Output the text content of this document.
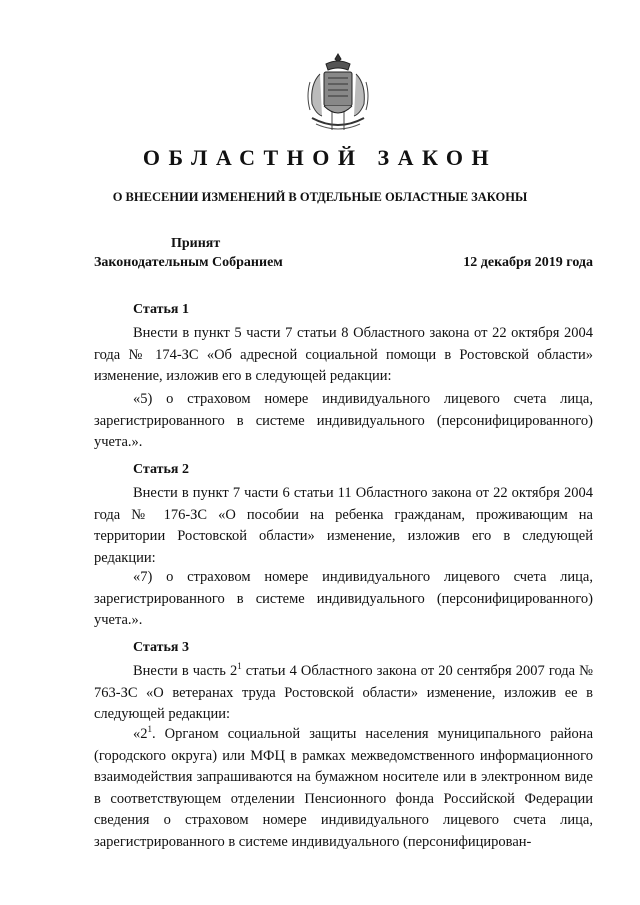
ОБЛАСТНОЙ ЗАКОН
О ВНЕСЕНИИ ИЗМЕНЕНИЙ В ОТДЕЛЬНЫЕ ОБЛАСТНЫЕ ЗАКОНЫ
Принят
Законодательным Собранием	12 декабря 2019 года
Статья 1

Внести в пункт 5 части 7 статьи 8 Областного закона от 22 октября 2004 года № 174-ЗС «Об адресной социальной помощи в Ростовской области» изменение, изложив его в следующей редакции:

«5) о страховом номере индивидуального лицевого счета лица, зарегистрированного в системе индивидуального (персонифицированного) учета.».

Статья 2

Внести в пункт 7 части 6 статьи 11 Областного закона от 22 октября 2004 года № 176-ЗС «О пособии на ребенка гражданам, проживающим на территории Ростовской области» изменение, изложив его в следующей редакции:

«7) о страховом номере индивидуального лицевого счета лица, зарегистрированного в системе индивидуального (персонифицированного) учета.».

Статья 3

Внести в часть $2^1$ статьи 4 Областного закона от 20 сентября 2007 года № 763-ЗС «О ветеранах труда Ростовской области» изменение, изложив ее в следующей редакции:

«$2^1$. Органом социальной защиты населения муниципального района (городского округа) или МФЦ в рамках межведомственного информационного взаимодействия запрашиваются на бумажном носителе или в электронном виде в соответствующем отделении Пенсионного фонда Российской Федерации сведения о страховом номере индивидуального лицевого счета лица, зарегистрированного в системе индивидуального (персонифицирован-
